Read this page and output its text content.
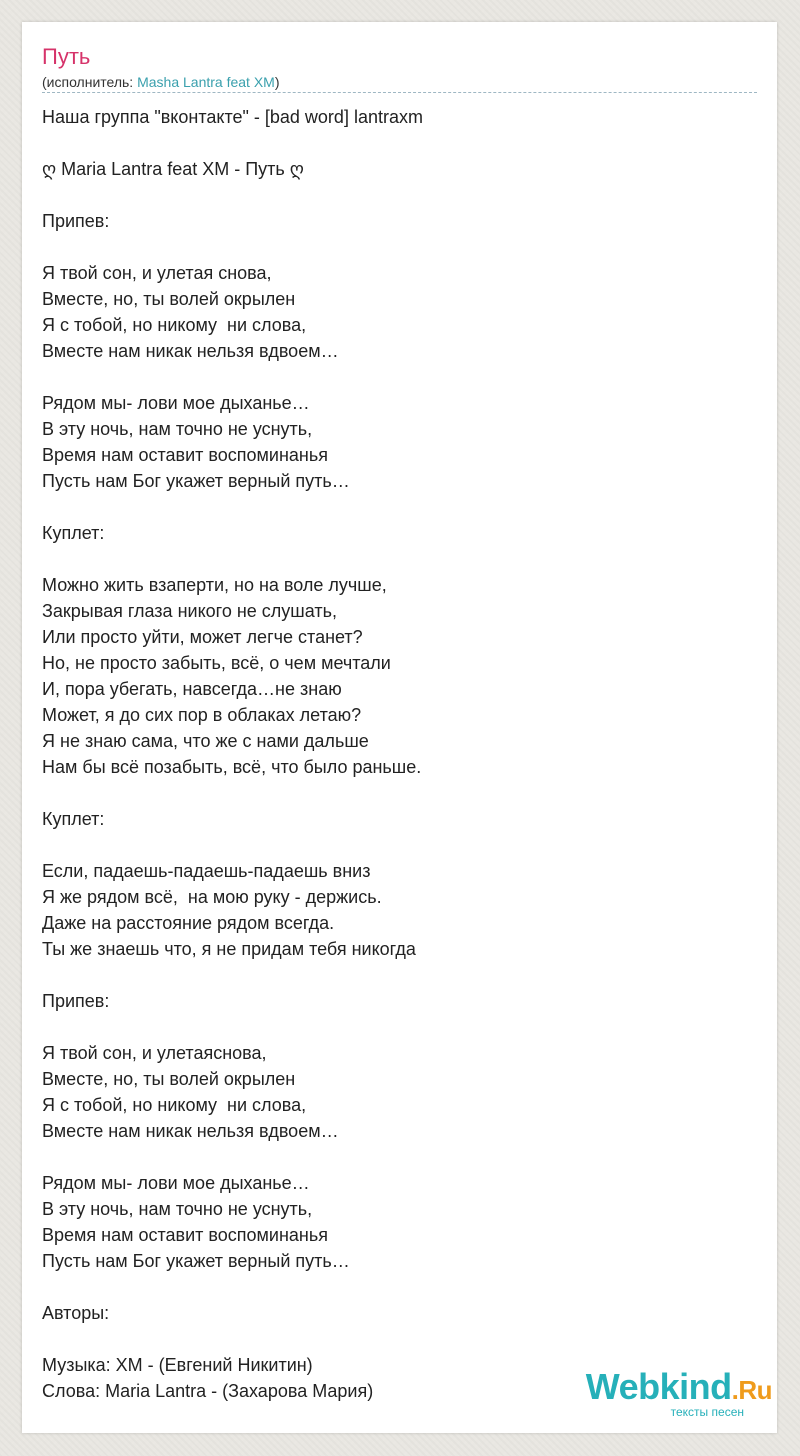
Путь
(исполнитель: Masha Lantra feat XM)
Наша группа "вконтакте" - [bad word] lantraxm
ღ Maria Lantra feat XM - Путь ღ
Припев:
Я твой сон, и улетая снова,
Вместе, но, ты волей окрылен
Я с тобой, но никому  ни слова,
Вместе нам никак нельзя вдвоем…
Рядом мы- лови мое дыханье…
В эту ночь, нам точно не уснуть,
Время нам оставит воспоминанья
Пусть нам Бог укажет верный путь…
Куплет:
Можно жить взаперти, но на воле лучше,
Закрывая глаза никого не слушать,
Или просто уйти, может легче станет?
Но, не просто забыть, всё, о чем мечтали
И, пора убегать, навсегда…не знаю
Может, я до сих пор в облаках летаю?
Я не знаю сама, что же с нами дальше
Нам бы всё позабыть, всё, что было раньше.
Куплет:
Если, падаешь-падаешь-падаешь вниз
Я же рядом всё,  на мою руку - держись.
Даже на расстояние рядом всегда.
Ты же знаешь что, я не придам тебя никогда
Припев:
Я твой сон, и улетаяснова,
Вместе, но, ты волей окрылен
Я с тобой, но никому  ни слова,
Вместе нам никак нельзя вдвоем…
Рядом мы- лови мое дыханье…
В эту ночь, нам точно не уснуть,
Время нам оставит воспоминанья
Пусть нам Бог укажет верный путь…
Авторы:
Музыка: XM - (Евгений Никитин)
Слова: Maria Lantra - (Захарова Мария)	Webkind.Ru
тексты песен
